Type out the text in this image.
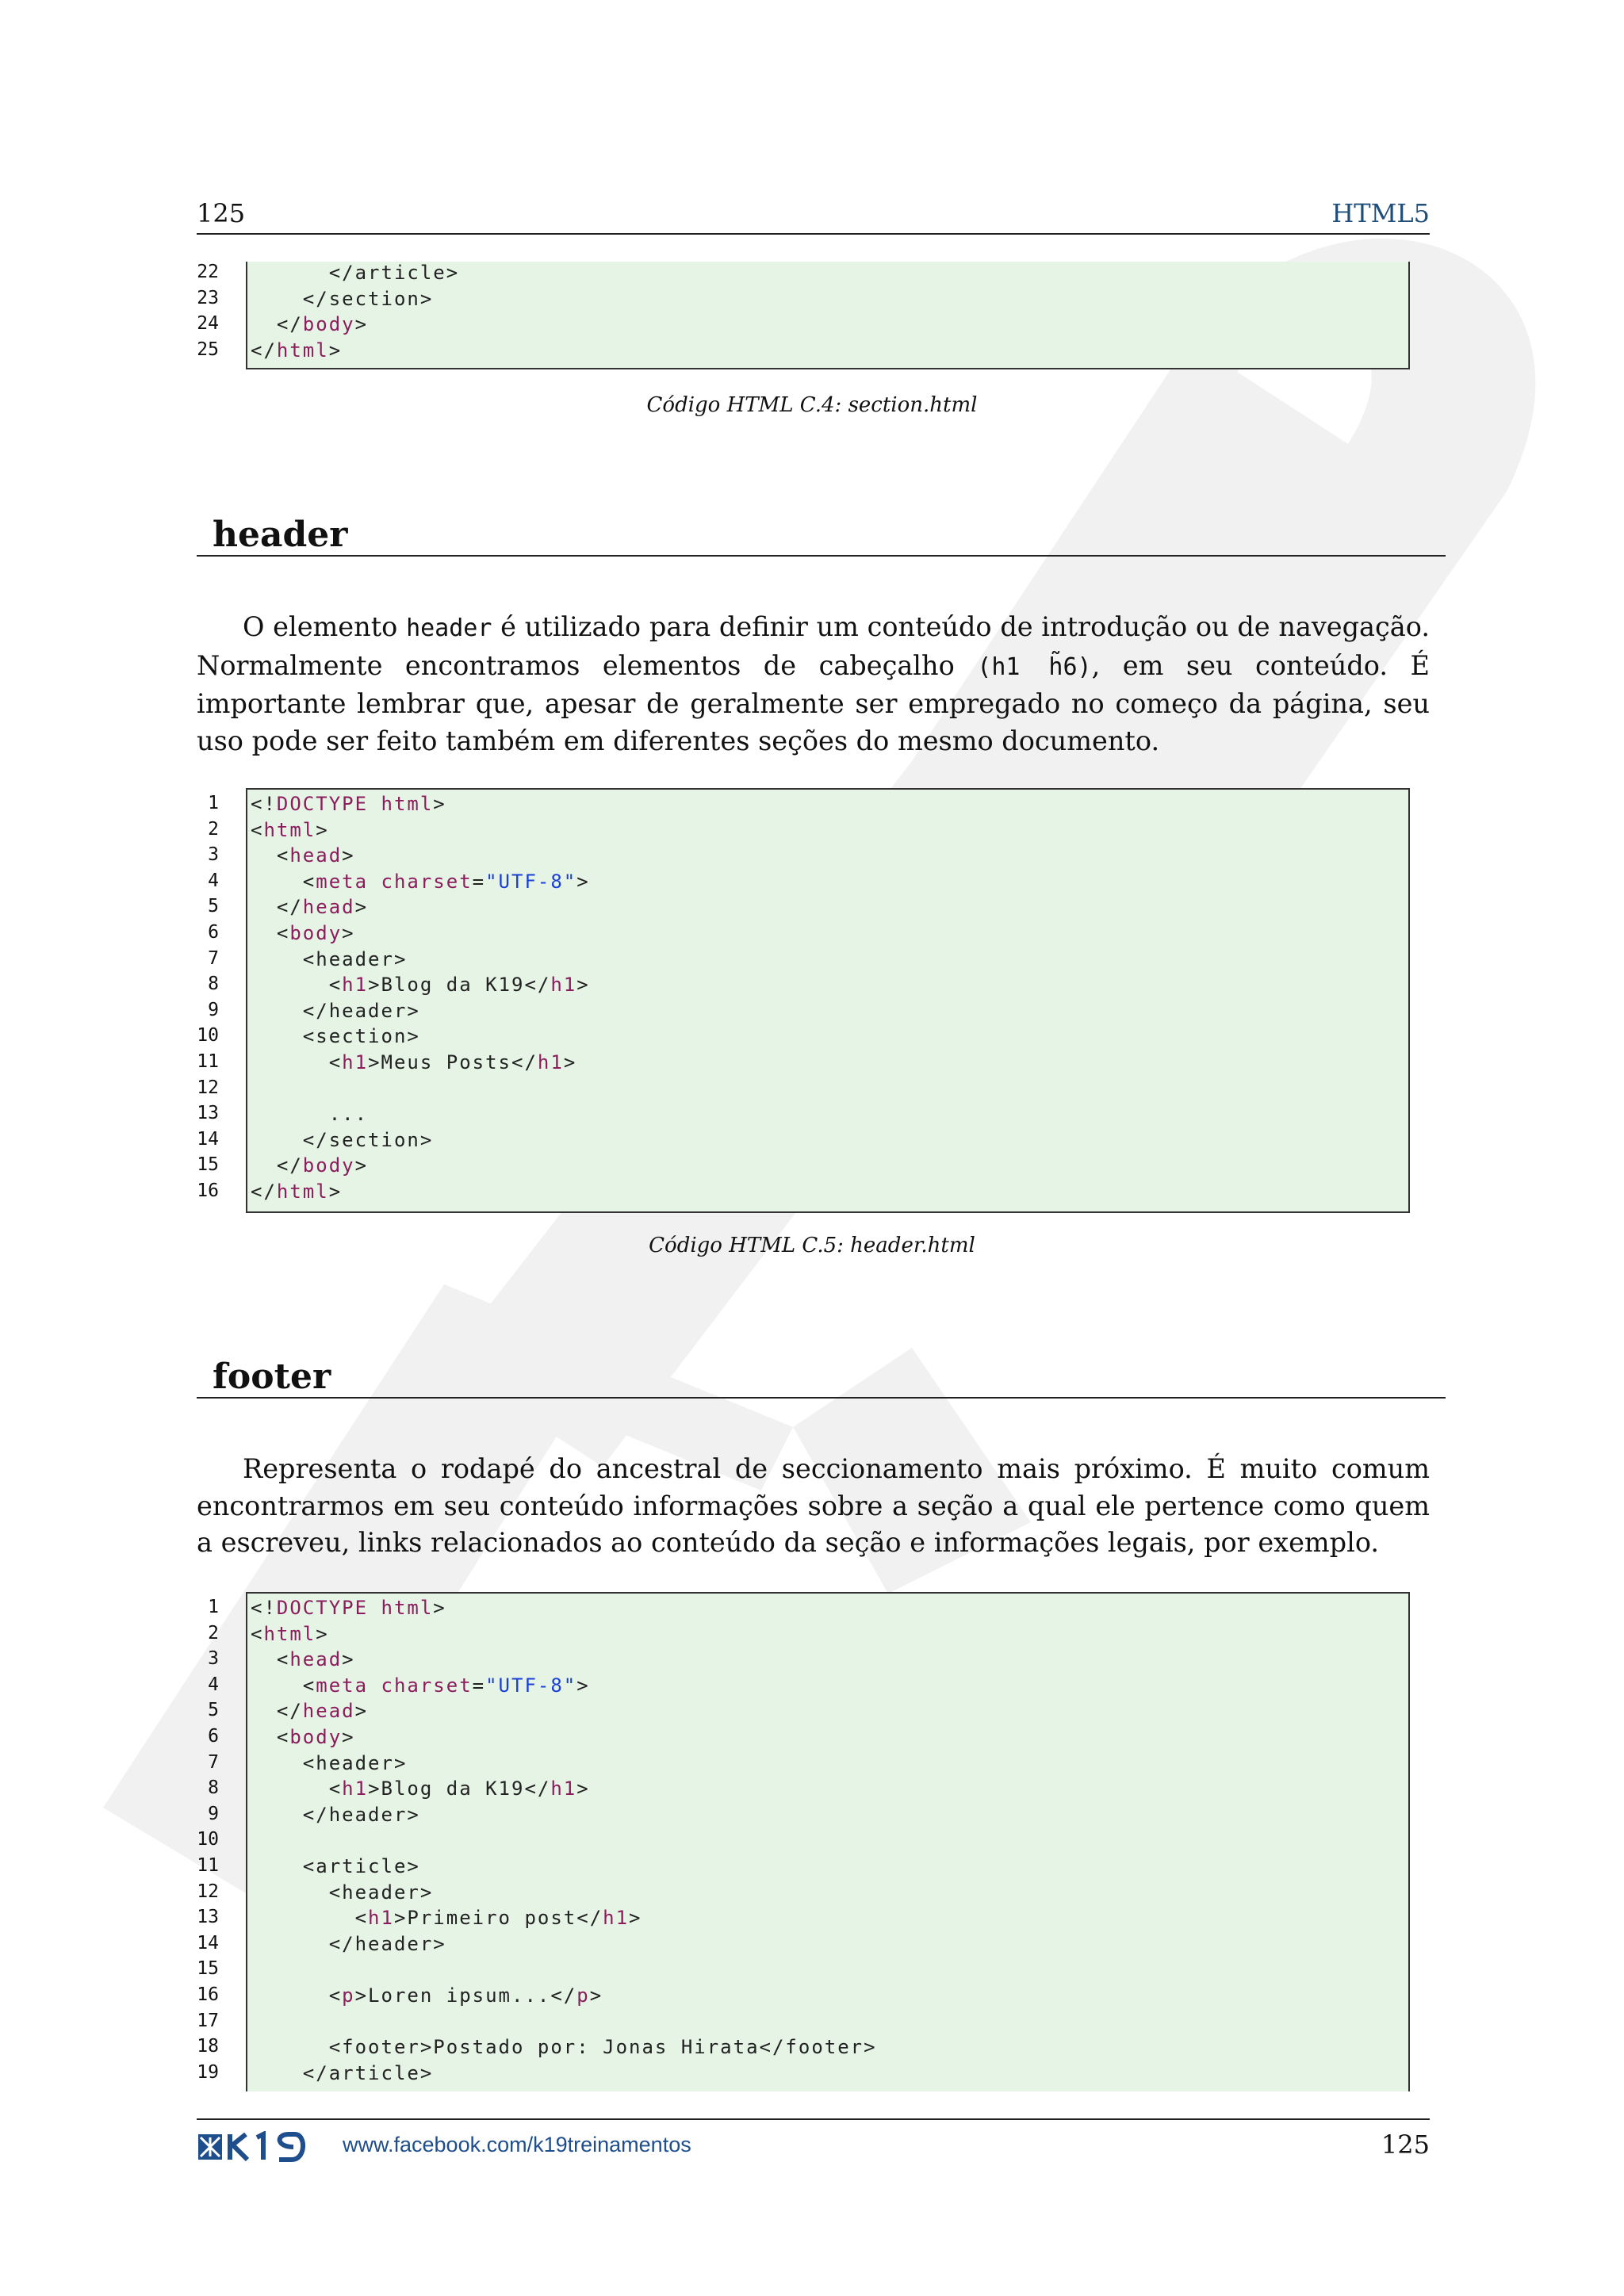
125	HTML5
22 </article>
23 </section>
24 </body>
25 </html>
Código HTML C.4: section.html
header
O elemento header é utilizado para definir um conteúdo de introdução ou de navegação. Normalmente encontramos elementos de cabeçalho (h1 h̃6), em seu conteúdo. É importante lembrar que, apesar de geralmente ser empregado no começo da página, seu uso pode ser feito também em diferentes seções do mesmo documento.
1 <!DOCTYPE html>
2 <html>
3 <head>
4 <meta charset="UTF-8">
5 </head>
6 <body>
7 <header>
8 <h1>Blog da K19</h1>
9 </header>
10 <section>
11 <h1>Meus Posts</h1>
12
13 ...
14 </section>
15 </body>
16 </html>
Código HTML C.5: header.html
footer
Representa o rodapé do ancestral de seccionamento mais próximo. É muito comum encontrarmos em seu conteúdo informações sobre a seção a qual ele pertence como quem a escreveu, links relacionados ao conteúdo da seção e informações legais, por exemplo.
1 <!DOCTYPE html>
2 <html>
3 <head>
4 <meta charset="UTF-8">
5 </head>
6 <body>
7 <header>
8 <h1>Blog da K19</h1>
9 </header>
10
11 <article>
12 <header>
13 <h1>Primeiro post</h1>
14 </header>
15
16 <p>Loren ipsum...</p>
17
18 <footer>Postado por: Jonas Hirata</footer>
19 </article>
www.facebook.com/k19treinamentos	125
